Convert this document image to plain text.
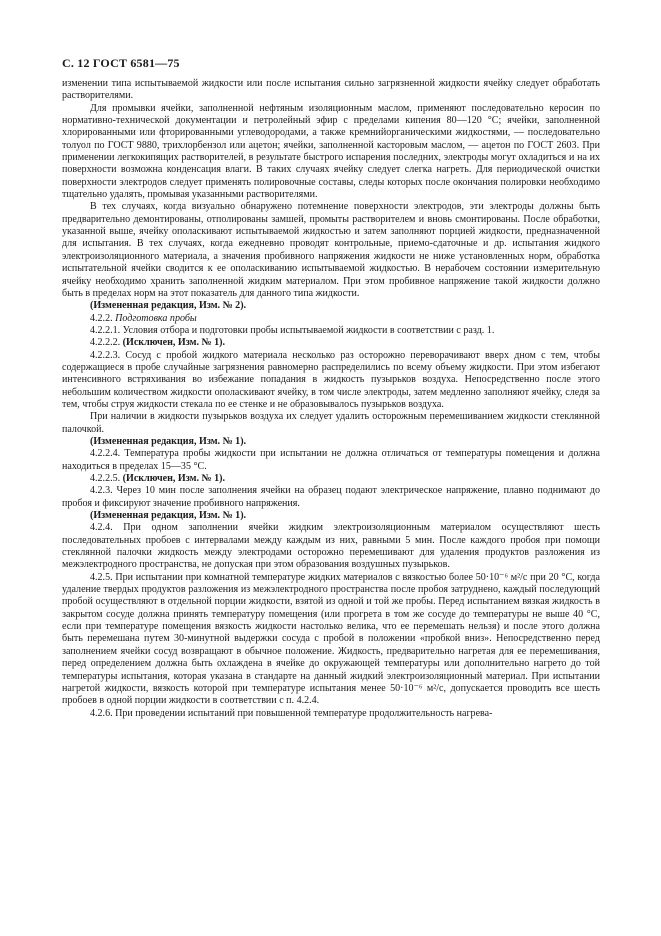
С. 12 ГОСТ 6581—75

изменении типа испытываемой жидкости или после испытания сильно загрязненной жидкости ячейку следует обработать растворителями.

Для промывки ячейки, заполненной нефтяным изоляционным маслом, применяют последовательно керосин по нормативно-технической документации и петролейный эфир с пределами кипения 80—120 °C; ячейки, заполненной хлорированными или фторированными углеводородами, а также кремнийорганическими жидкостями, — последовательно толуол по ГОСТ 9880, трихлорбензол или ацетон; ячейки, заполненной касторовым маслом, — ацетон по ГОСТ 2603. При применении легкокипящих растворителей, в результате быстрого испарения последних, электроды могут охладиться и на их поверхности возможна конденсация влаги. В таких случаях ячейку следует слегка нагреть. Для периодической очистки поверхности электродов следует применять полировочные составы, следы которых после окончания полировки необходимо тщательно удалять, промывая указанными растворителями.

В тех случаях, когда визуально обнаружено потемнение поверхности электродов, эти электроды должны быть предварительно демонтированы, отполированы замшей, промыты растворителем и вновь смонтированы. После обработки, указанной выше, ячейку ополаскивают испытываемой жидкостью и затем заполняют порцией жидкости, предназначенной для испытания. В тех случаях, когда ежедневно проводят контрольные, приемо-сдаточные и др. испытания жидкого электроизоляционного материала, а значения пробивного напряжения жидкости не ниже установленных норм, обработка испытательной ячейки сводится к ее ополаскиванию испытываемой жидкостью. В нерабочем состоянии измерительную ячейку необходимо хранить заполненной жидким материалом. При этом пробивное напряжение такой жидкости должно быть в пределах норм на этот показатель для данного типа жидкости.

(Измененная редакция, Изм. № 2).

4.2.2. Подготовка пробы

4.2.2.1. Условия отбора и подготовки пробы испытываемой жидкости в соответствии с разд. 1.

4.2.2.2. (Исключен, Изм. № 1).

4.2.2.3. Сосуд с пробой жидкого материала несколько раз осторожно переворачивают вверх дном с тем, чтобы содержащиеся в пробе случайные загрязнения равномерно распределились по всему объему жидкости. При этом избегают интенсивного встряхивания во избежание попадания в жидкость пузырьков воздуха. Непосредственно после этого небольшим количеством жидкости ополаскивают ячейку, в том числе электроды, затем медленно заполняют ячейку, следя за тем, чтобы струя жидкости стекала по ее стенке и не образовывалось пузырьков воздуха.

При наличии в жидкости пузырьков воздуха их следует удалить осторожным перемешиванием жидкости стеклянной палочкой.

(Измененная редакция, Изм. № 1).

4.2.2.4. Температура пробы жидкости при испытании не должна отличаться от температуры помещения и должна находиться в пределах 15—35 °C.

4.2.2.5. (Исключен, Изм. № 1).

4.2.3. Через 10 мин после заполнения ячейки на образец подают электрическое напряжение, плавно поднимают до пробоя и фиксируют значение пробивного напряжения.

(Измененная редакция, Изм. № 1).

4.2.4. При одном заполнении ячейки жидким электроизоляционным материалом осуществляют шесть последовательных пробоев с интервалами между каждым из них, равными 5 мин. После каждого пробоя при помощи стеклянной палочки жидкость между электродами осторожно перемешивают для удаления продуктов разложения из межэлектродного пространства, не допуская при этом образования воздушных пузырьков.

4.2.5. При испытании при комнатной температуре жидких материалов с вязкостью более 50·10⁻⁶ м²/с при 20 °C, когда удаление твердых продуктов разложения из межэлектродного пространства после пробоя затруднено, каждый последующий пробой осуществляют в отдельной порции жидкости, взятой из одной и той же пробы. Перед испытанием вязкая жидкость в закрытом сосуде должна принять температуру помещения (или прогрета в том же сосуде до температуры не выше 40 °C, если при температуре помещения вязкость жидкости настолько велика, что ее перемешать нельзя) и после этого должна быть перемешана путем 30-минутной выдержки сосуда с пробой в положении «пробкой вниз». Непосредственно перед заполнением ячейки сосуд возвращают в обычное положение. Жидкость, предварительно нагретая для ее перемешивания, перед определением должна быть охлаждена в ячейке до окружающей температуры или дополнительно нагрето до той температуры испытания, которая указана в стандарте на данный жидкий электроизоляционный материал. При испытании нагретой жидкости, вязкость которой при температуре испытания менее 50·10⁻⁶ м²/с, допускается проводить все шесть пробоев в одной порции жидкости в соответствии с п. 4.2.4.

4.2.6. При проведении испытаний при повышенной температуре продолжительность нагрева-
